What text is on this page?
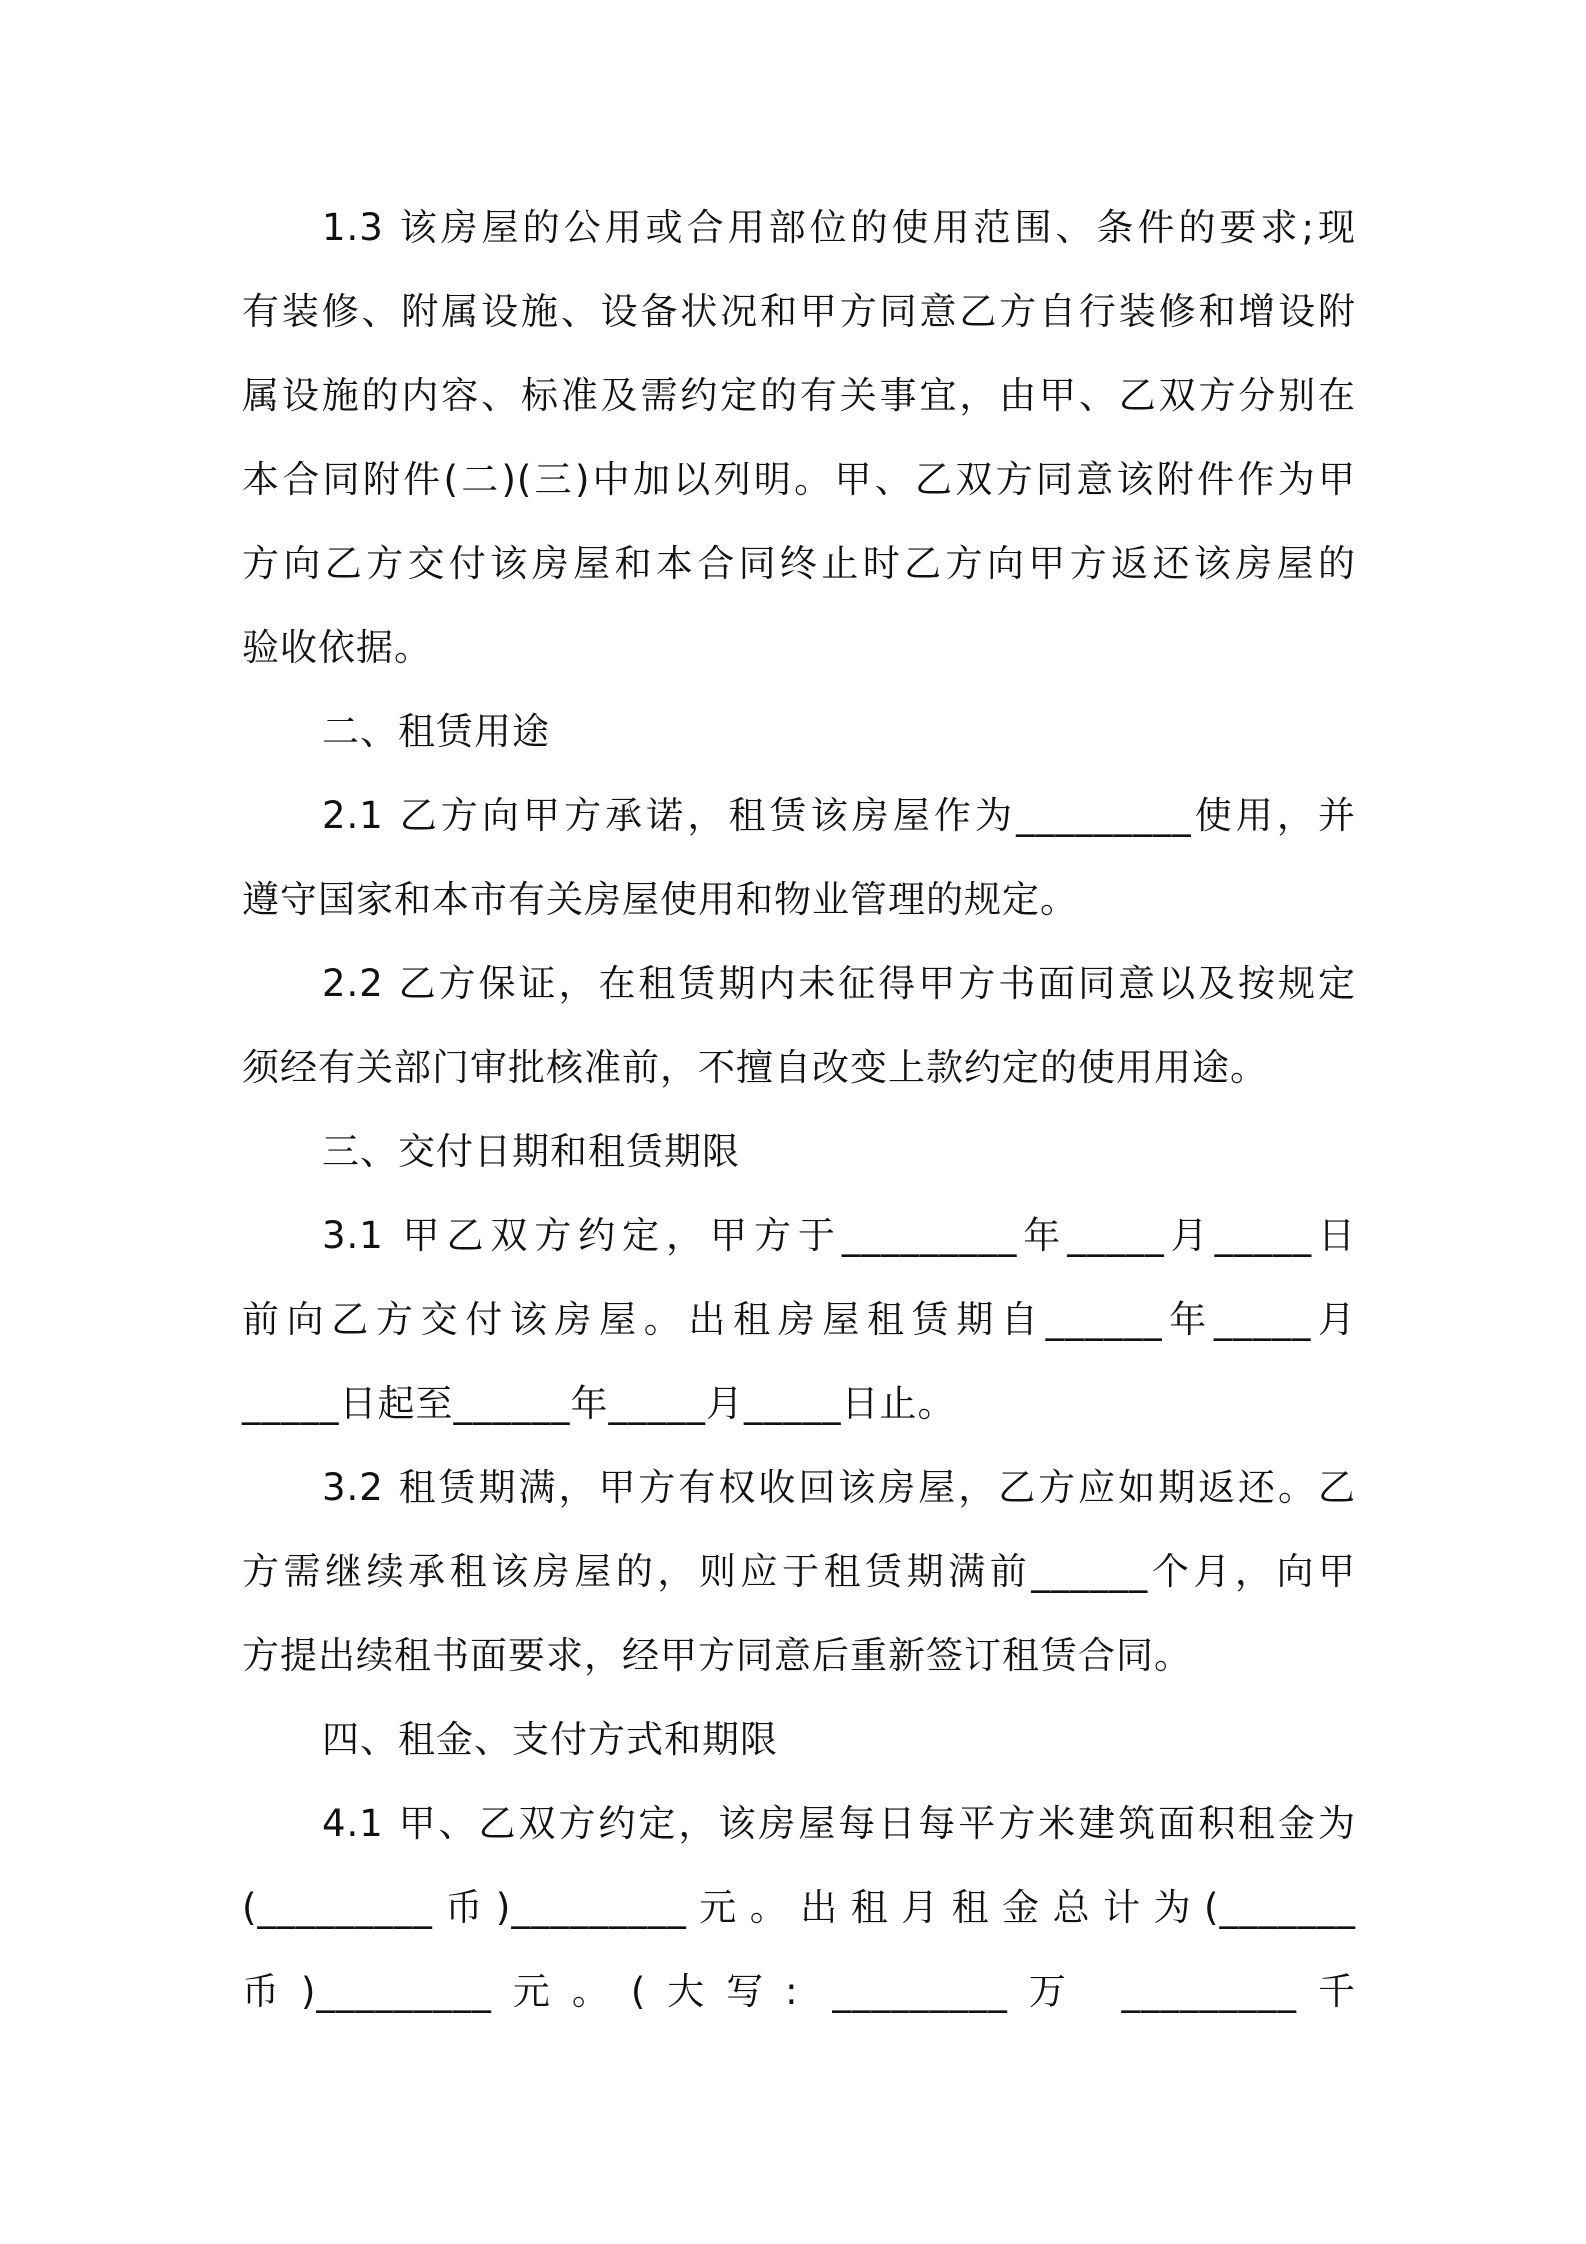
1.3 该房屋的公用或合用部位的使用范围、条件的要求;现
有装修、附属设施、设备状况和甲方同意乙方自行装修和增设附
属设施的内容、标准及需约定的有关事宜，由甲、乙双方分别在
本合同附件(二)(三)中加以列明。甲、乙双方同意该附件作为甲
方向乙方交付该房屋和本合同终止时乙方向甲方返还该房屋的
验收依据。
二、租赁用途
2.1 乙方向甲方承诺，租赁该房屋作为_________使用，并
遵守国家和本市有关房屋使用和物业管理的规定。
2.2 乙方保证，在租赁期内未征得甲方书面同意以及按规定
须经有关部门审批核准前，不擅自改变上款约定的使用用途。
三、交付日期和租赁期限
3.1 甲乙双方约定，甲方于_________年_____月_____日
前向乙方交付该房屋。出租房屋租赁期自______年_____月
_____日起至______年_____月_____日止。
3.2 租赁期满，甲方有权收回该房屋，乙方应如期返还。乙
方需继续承租该房屋的，则应于租赁期满前______个月，向甲
方提出续租书面要求，经甲方同意后重新签订租赁合同。
四、租金、支付方式和期限
4.1 甲、乙双方约定，该房屋每日每平方米建筑面积租金为
(_________币)_________元。出租月租金总计为(_______
币)_________元。(大写: _________万 _________千
